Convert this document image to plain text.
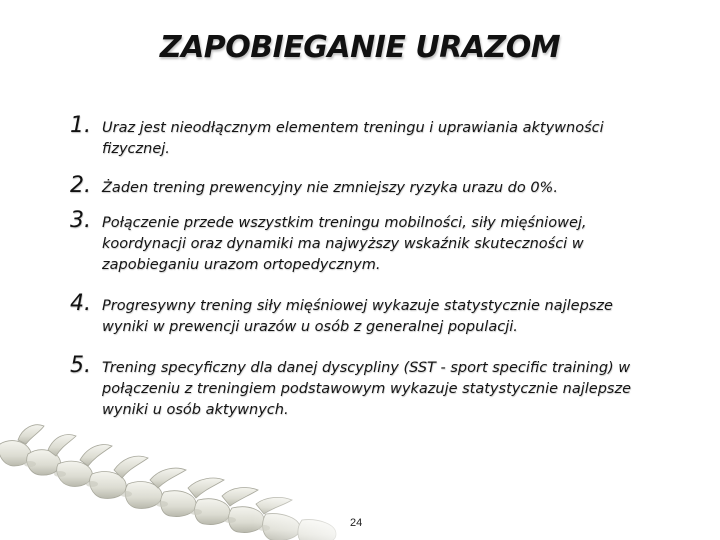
ZAPOBIEGANIE URAZOM
1. Uraz jest nieodłącznym elementem treningu i uprawiania aktywności fizycznej.
2. Żaden trening prewencyjny nie zmniejszy ryzyka urazu do 0%.
3. Połączenie przede wszystkim treningu mobilności, siły mięśniowej, koordynacji oraz dynamiki ma najwyższy wskaźnik skuteczności w zapobieganiu urazom ortopedycznym.
4. Progresywny trening siły mięśniowej wykazuje statystycznie najlepsze wyniki w prewencji urazów u osób z generalnej populacji.
5. Trening specyficzny dla danej dyscypliny (SST - sport specific training) w połączeniu z treningiem podstawowym wykazuje statystycznie najlepsze wyniki u osób aktywnych.
24
